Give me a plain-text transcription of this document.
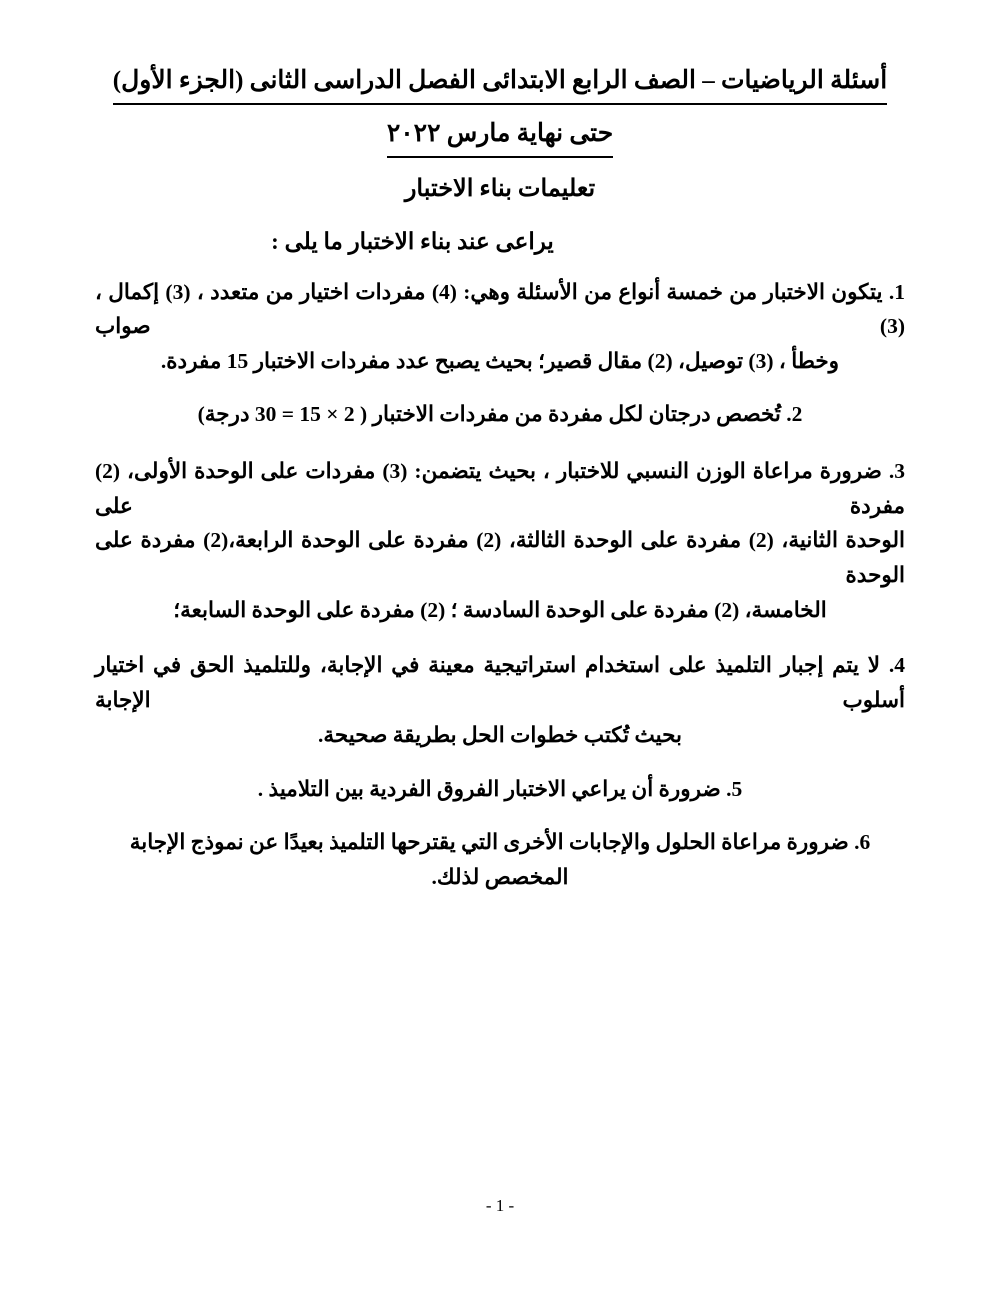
أسئلة الرياضيات – الصف الرابع الابتدائى الفصل الدراسى الثانى (الجزء الأول)
حتى نهاية مارس ٢٠٢٢
تعليمات بناء الاختبار
يراعى عند بناء الاختبار ما يلى :
1. يتكون الاختبار من خمسة أنواع من الأسئلة وهي: (4) مفردات اختيار من متعدد ، (3) إكمال ، (3) صواب
وخطأ ، (3) توصيل، (2) مقال قصير؛ بحيث يصبح عدد مفردات الاختبار 15 مفردة.
2. تُخصص درجتان لكل مفردة من مفردات الاختبار ( 2 × 15 = 30 درجة)
3. ضرورة مراعاة الوزن النسبي للاختبار ، بحيث يتضمن: (3) مفردات على الوحدة الأولى، (2) مفردة على
الوحدة الثانية، (2) مفردة على الوحدة الثالثة، (2) مفردة على الوحدة الرابعة،(2) مفردة على الوحدة
الخامسة، (2) مفردة على الوحدة السادسة ؛ (2) مفردة على الوحدة السابعة؛
4. لا يتم إجبار التلميذ على استخدام استراتيجية معينة في الإجابة، وللتلميذ الحق في اختيار أسلوب الإجابة
بحيث تُكتب خطوات الحل بطريقة صحيحة.
5. ضرورة أن يراعي الاختبار الفروق الفردية بين التلاميذ .
6. ضرورة مراعاة الحلول والإجابات الأخرى التي يقترحها التلميذ بعيدًا عن نموذج الإجابة المخصص لذلك.
- 1 -
